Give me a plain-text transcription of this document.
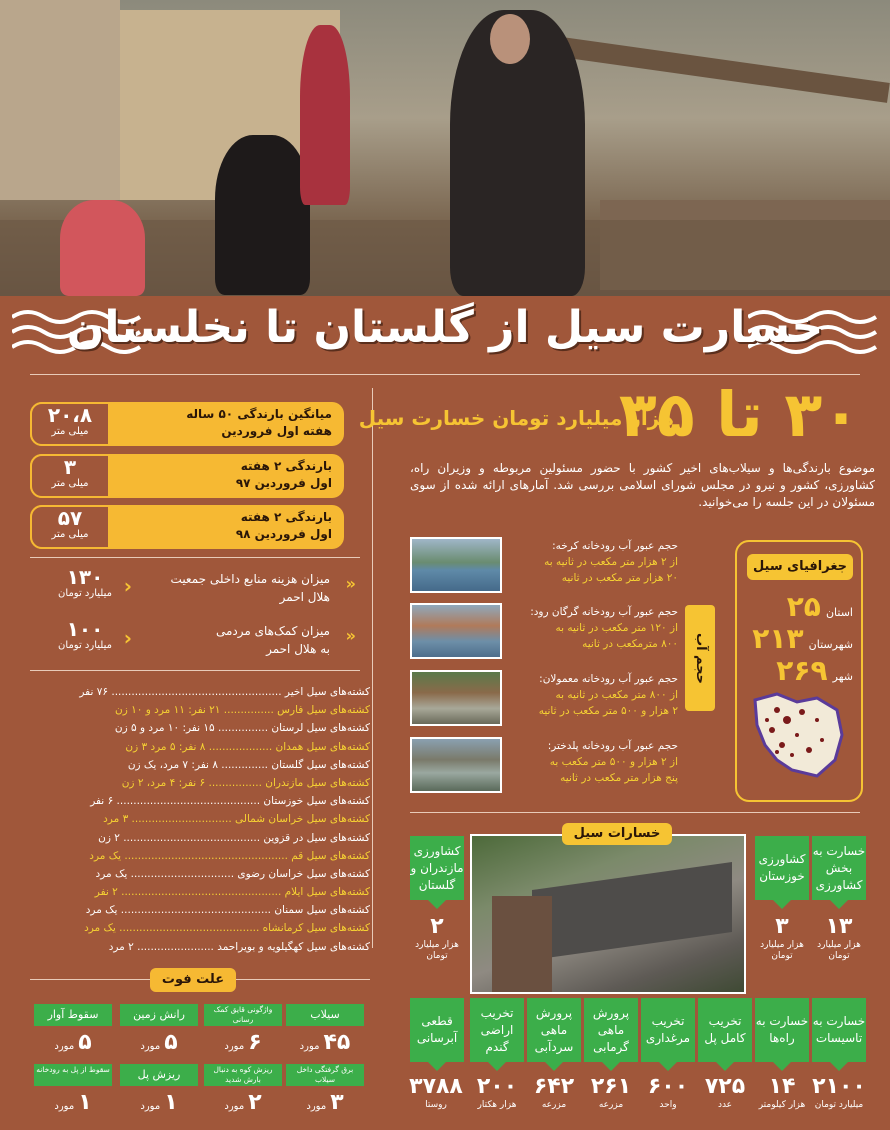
خسارت سیل از گلستان تا نخلستان
۳۰ تا ۳۵
هزار میلیارد تومان خسارت سیل
موضوع بارندگی‌ها و سیلاب‌های اخیر کشور با حضور مسئولین مربوطه و وزیران راه، کشاورزی، کشور و نیرو در مجلس شورای اسلامی بررسی شد. آمارهای ارائه شده از سوی مسئولان در این جلسه را می‌خوانید.
میانگین بارندگی ۵۰ ساله
هفته اول فروردین
۲۰،۸
میلی متر
بارندگی ۲ هفته
اول فروردین ۹۷
۳
میلی متر
بارندگی ۲ هفته
اول فروردین ۹۸
۵۷
میلی متر
«
میزان هزینه منابع داخلی جمعیت
هلال احمر
‹
۱۳۰
میلیارد تومان
«
میزان کمک‌های مردمی
به هلال احمر
‹
۱۰۰
میلیارد تومان
کشته‌های سیل اخیر ................................................... ۷۶ نفر
کشته‌های سیل فارس ............... ۲۱ نفر: ۱۱ مرد و ۱۰ زن
کشته‌های سیل لرستان ............... ۱۵ نفر: ۱۰ مرد و ۵ زن
کشته‌های سیل همدان ................... ۸ نفر: ۵ مرد ۳ زن
کشته‌های سیل گلستان .............. ۸ نفر: ۷ مرد، یک زن
کشته‌های سیل مازندران ................ ۶ نفر: ۴ مرد، ۲ زن
کشته‌های سیل خوزستان ........................................... ۶ نفر
کشته‌های سیل خراسان شمالی .............................. ۳ مرد
کشته‌های سیل در قزوین ......................................... ۲ زن
کشته‌های سیل قم ................................................. یک مرد
کشته‌های سیل خراسان رضوی ............................... یک مرد
کشته‌های سیل ایلام ................................................ ۲ نفر
کشته‌های سیل سمنان ............................................. یک مرد
کشته‌های سیل کرمانشاه .......................................... یک مرد
کشته‌های سیل کهگیلویه و بویراحمد ....................... ۲ مرد
علت فوت
سیلاب
واژگونی قایق کمک رسانی
رانش زمین
سقوط آوار
۴۵مورد
۶مورد
۵مورد
۵مورد
برق گرفتگی داخل سیلاب
ریزش کوه به دنبال بارش شدید
ریزش پل
سقوط از پل به رودخانه
۳مورد
۲مورد
۱مورد
۱مورد
جغرافیای سیل
استان ۲۵
شهرستان ۲۱۳
شهر ۲۶۹
حجم آب
حجم عبور آب رودخانه کرخه:
از ۲ هزار متر مکعب در ثانیه به
۲۰ هزار متر مکعب در ثانیه
حجم عبور آب رودخانه گرگان رود:
از ۱۲۰ متر مکعب در ثانیه به
۸۰۰ مترمکعب در ثانیه
حجم عبور آب رودخانه معمولان:
از ۸۰۰ متر مکعب در ثانیه به
۲ هزار و ۵۰۰ متر مکعب در ثانیه
حجم عبور آب رودخانه پلدختر:
از ۲ هزار و ۵۰۰ متر مکعب به
پنج هزار متر مکعب در ثانیه
خسارات سیل
خسارت به بخش کشاورزی
کشاورزی خوزستان
کشاورزی مازندران و گلستان
۱۳
هزار میلیارد تومان
۳
هزار میلیارد تومان
۲
هزار میلیارد تومان
خسارت به تاسیسات
خسارت به راه‌ها
تخریب کامل پل
تخریب مرغداری
پرورش ماهی گرمابی
پرورش ماهی سردآبی
تخریب اراضی گندم
قطعی آبرسانی
۲۱۰۰
میلیارد تومان
۱۴
هزار کیلومتر
۷۲۵
عدد
۶۰۰
واحد
۲۶۱
مزرعه
۶۴۲
مزرعه
۲۰۰
هزار هکتار
۳۷۸۸
روستا
